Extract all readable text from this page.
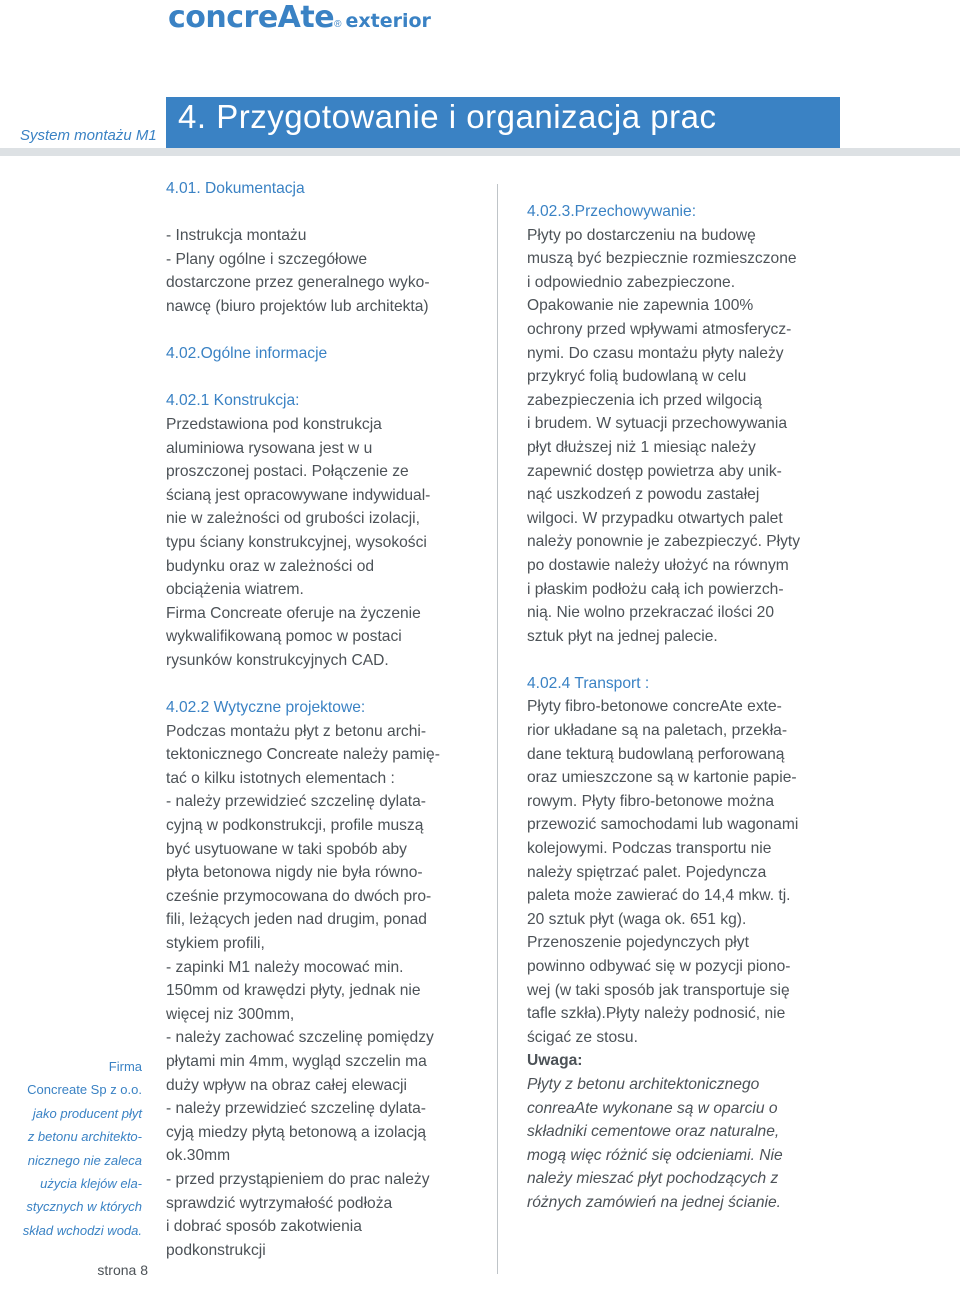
concreAte ® exterior
System montażu M1
4. Przygotowanie i organizacja prac

4.01. Dokumentacja

- Instrukcja montażu

- Plany ogólne i szczegółowe

dostarczone przez generalnego wyko-

nawcę (biuro projektów lub architekta)

4.02.Ogólne informacje

4.02.1 Konstrukcja:

Przedstawiona pod konstrukcja

aluminiowa rysowana jest w u

proszczonej postaci. Połączenie ze

ścianą jest opracowywane indywidual-

nie w zależności od grubości izolacji,

typu ściany konstrukcyjnej, wysokości

budynku oraz w zależności od

obciążenia wiatrem.

Firma Concreate oferuje na życzenie

wykwalifikowaną pomoc w postaci

rysunków konstrukcyjnych CAD.

4.02.2 Wytyczne projektowe:

Podczas montażu płyt z betonu archi-

tektonicznego Concreate należy pamię-

tać o kilku istotnych elementach :

- należy przewidzieć szczelinę dylata-

cyjną w podkonstrukcji, profile muszą

być usytuowane w taki spobób aby

płyta betonowa nigdy nie była równo-

cześnie przymocowana do dwóch pro-

fili, leżących jeden nad drugim, ponad

stykiem profili,

- zapinki M1 należy mocować min.

150mm od krawędzi płyty, jednak nie

więcej niz 300mm,

- należy zachować szczelinę pomiędzy

płytami min 4mm, wygląd szczelin ma

duży wpływ na obraz całej elewacji

- należy przewidzieć szczelinę dylata-

cyją miedzy płytą betonową a izolacją

ok.30mm

- przed przystąpieniem do prac należy

sprawdzić wytrzymałość podłoża

i dobrać sposób zakotwienia

podkonstrukcji

4.02.3.Przechowywanie:

Płyty po dostarczeniu na budowę

muszą być bezpiecznie rozmieszczone

i odpowiednio zabezpieczone.

Opakowanie nie zapewnia 100%

ochrony przed wpływami atmosferycz-

nymi. Do czasu montażu płyty należy

przykryć folią budowlaną w celu

zabezpieczenia ich przed wilgocią

i brudem. W sytuacji przechowywania

płyt dłuższej niż 1 miesiąc należy

zapewnić dostęp powietrza aby unik-

nąć uszkodzeń z powodu zastałej

wilgoci. W przypadku otwartych palet

należy ponownie je zabezpieczyć. Płyty

po dostawie należy ułożyć na równym

i płaskim podłożu całą ich powierzch-

nią. Nie wolno przekraczać ilości 20

sztuk płyt na jednej palecie.

4.02.4 Transport :

Płyty fibro-betonowe concreAte exte-

rior układane są na paletach, przekła-

dane tekturą budowlaną perforowaną

oraz umieszczone są w kartonie papie-

rowym. Płyty fibro-betonowe można

przewozić samochodami lub wagonami

kolejowymi. Podczas transportu nie

należy spiętrzać palet. Pojedyncza

paleta może zawierać do 14,4 mkw. tj.

20 sztuk płyt (waga ok. 651 kg).

Przenoszenie pojedynczych płyt

powinno odbywać się w pozycji piono-

wej (w taki sposób jak transportuje się

tafle szkła).Płyty należy podnosić, nie

ścigać ze stosu.

Uwaga:

Płyty z betonu architektonicznego

conreaAte wykonane są w oparciu o

składniki cementowe oraz naturalne,

mogą więc różnić się odcieniami. Nie

należy mieszać płyt pochodzących z

różnych zamówień na jednej ścianie.

Firma

Concreate Sp z o.o.

jako producent płyt

z betonu architekto-

nicznego nie zaleca

użycia klejów ela-

stycznych w których

skład wchodzi woda.

strona 8
